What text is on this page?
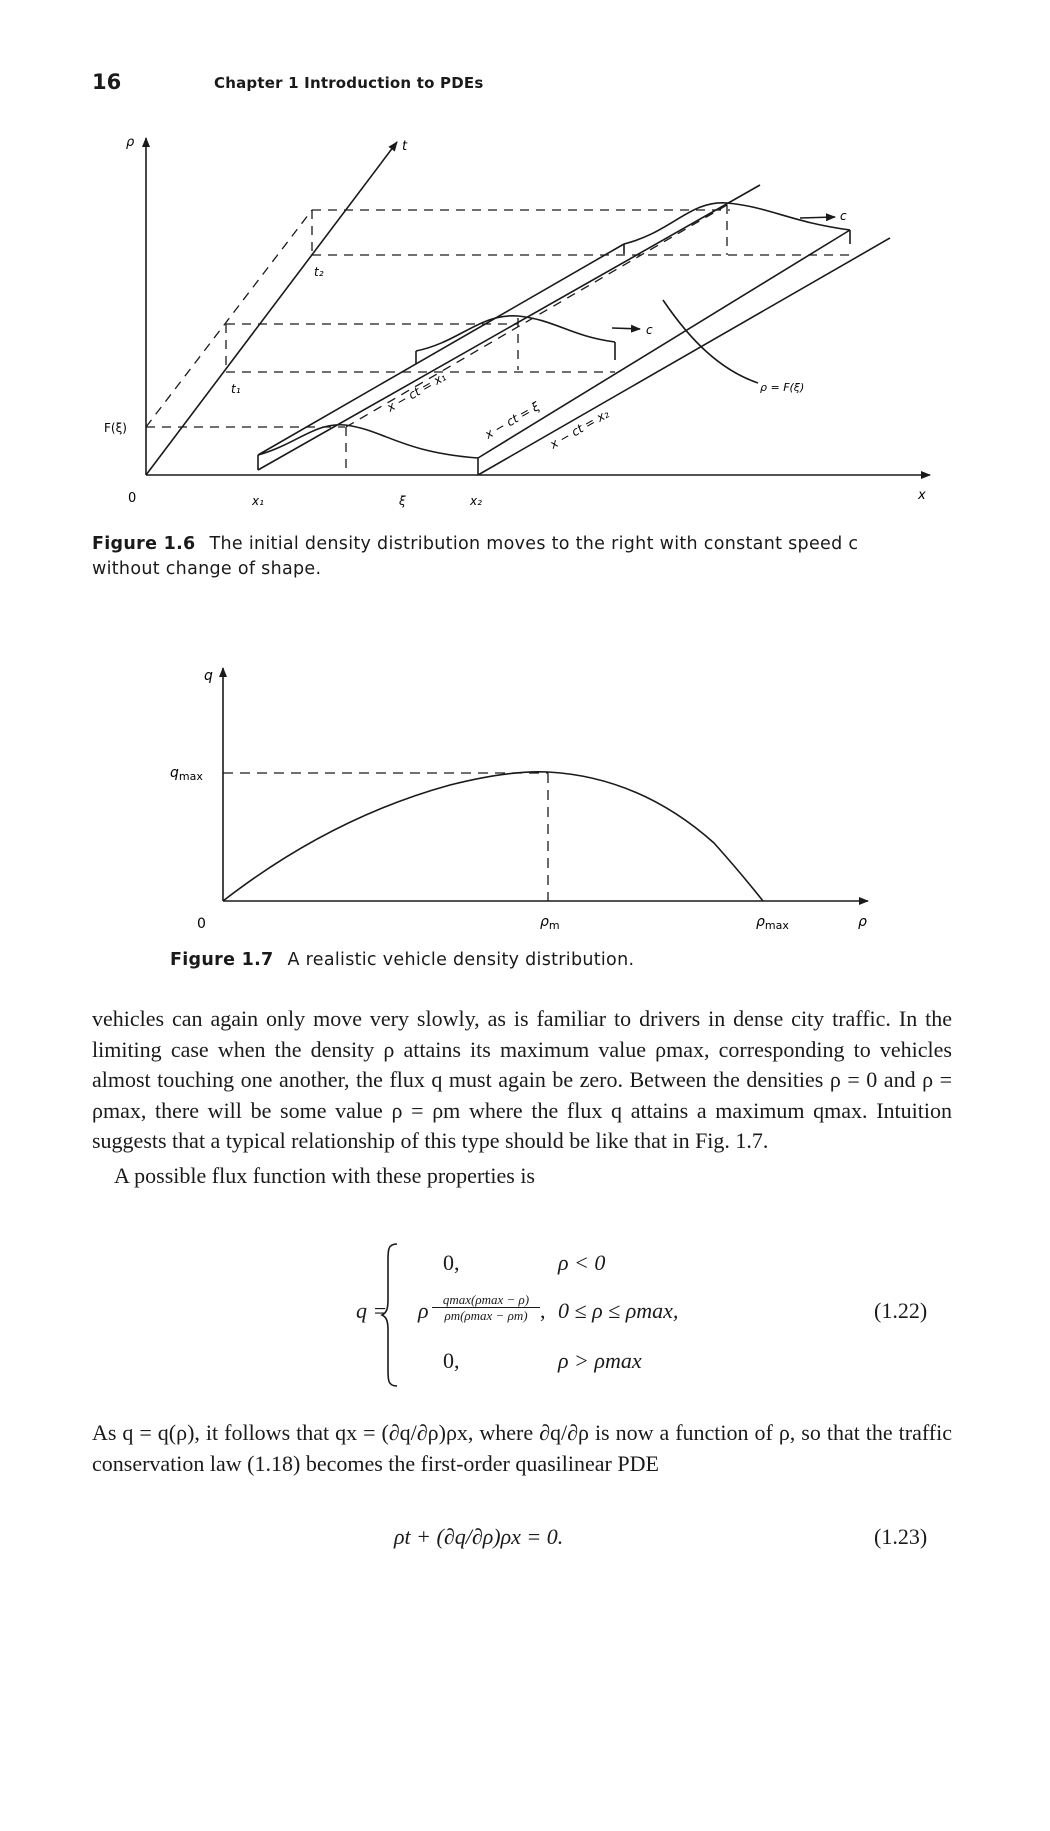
16	Chapter 1 Introduction to PDEs
ρ	t
x
0
F(ξ)
t₁
t₂
x₁	ξ	x₂
c
c
ρ = F(ξ)
x − ct = x₁
x − ct = ξ x − ct = x₂
Figure 1.6 The initial density distribution moves to the right with constant speed c without change of shape.
q
$q_{max}$
0	$\rho_m$	$\rho_{max}$	ρ
Figure 1.7 A realistic vehicle density distribution.

vehicles can again only move very slowly, as is familiar to drivers in dense city traffic. In the limiting case when the density ρ attains its maximum value ρmax, corresponding to vehicles almost touching one another, the flux q must again be zero. Between the densities ρ = 0 and ρ = ρmax, there will be some value ρ = ρm where the flux q attains a maximum qmax. Intuition suggests that a typical relationship of this type should be like that in Fig. 1.7.

A possible flux function with these properties is

q =
0,	ρ < 0
ρ	qmax(ρmax − ρ)
ρm(ρmax − ρm) , 0 ≤ ρ ≤ ρmax,	(1.22)
0,	ρ > ρmax

As q = q(ρ), it follows that qx = (∂q/∂ρ)ρx, where ∂q/∂ρ is now a function of ρ, so that the traffic conservation law (1.18) becomes the first-order quasilinear PDE

ρt + (∂q/∂ρ)ρx = 0.	(1.23)
